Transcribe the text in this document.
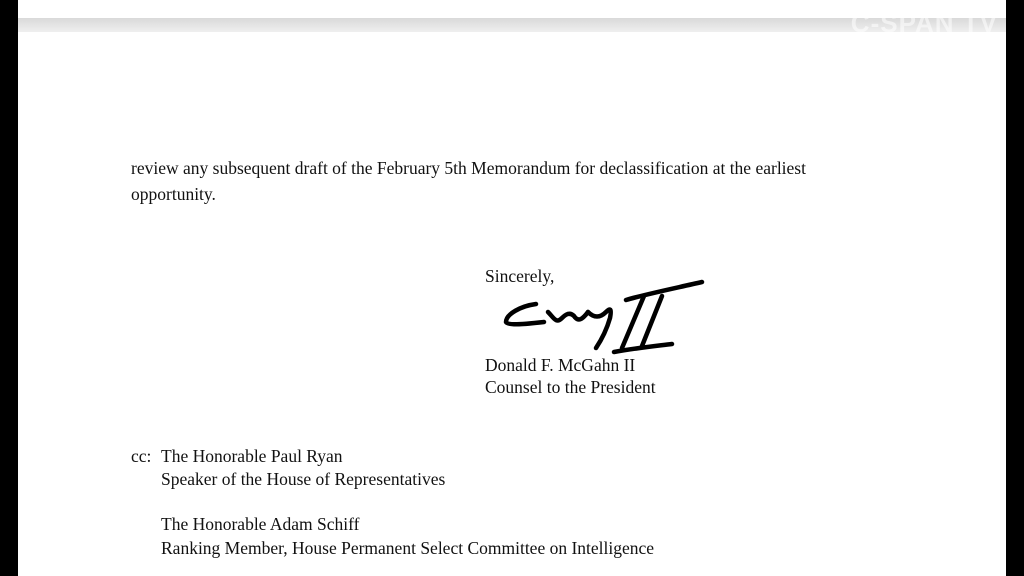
C-SPAN TV
review any subsequent draft of the February 5th Memorandum for declassification at the earliest
opportunity.
Sincerely,
Donald F. McGahn II
Counsel to the President
cc: The Honorable Paul Ryan
Speaker of the House of Representatives
The Honorable Adam Schiff
Ranking Member, House Permanent Select Committee on Intelligence
